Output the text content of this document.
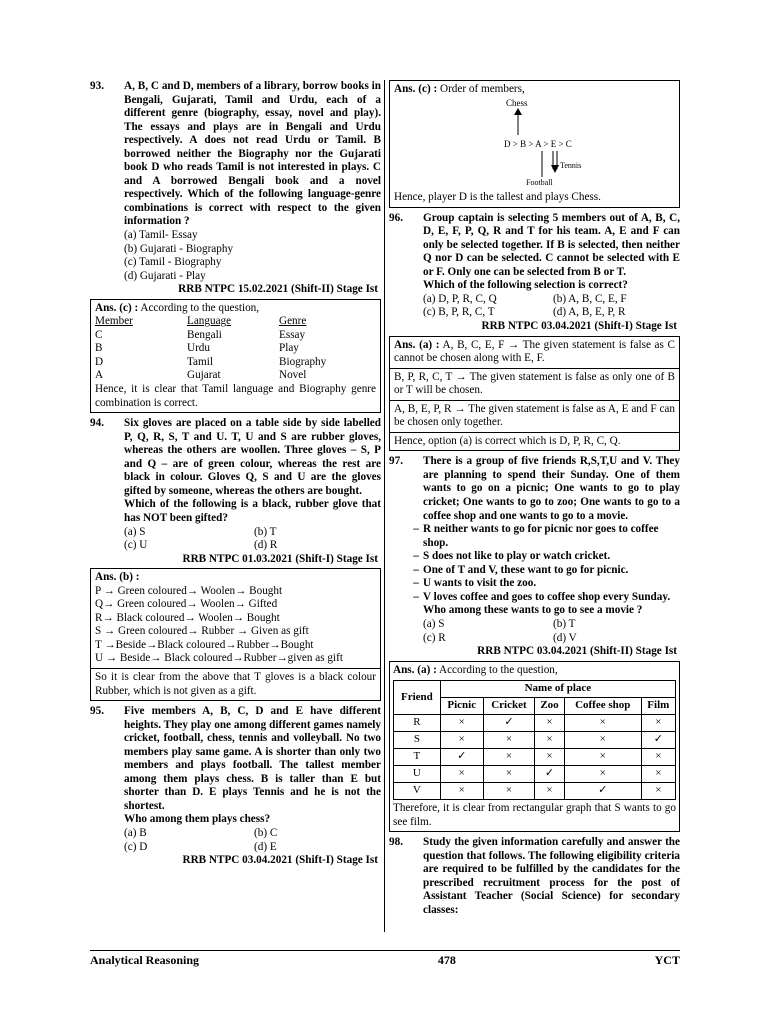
93.	A, B, C and D, members of a library, borrow books in Bengali, Gujarati, Tamil and Urdu, each of a different genre (biography, essay, novel and play). The essays and plays are in Bengali and Urdu respectively. A does not read Urdu or Tamil. B borrowed neither the Biography nor the Gujarati book D who reads Tamil is not interested in plays. C and A borrowed Bengali book and a novel respectively. Which of the following language-genre combinations is correct with respect to the given information ?
(a) Tamil- Essay
(b) Gujarati - Biography
(c) Tamil - Biography
(d) Gujarati - Play
RRB NTPC 15.02.2021 (Shift-II) Stage Ist
Ans. (c) : According to the question,
Member	Language	Genre
C	Bengali	Essay
B	Urdu	Play
D	Tamil	Biography
A	Gujarat	Novel
Hence, it is clear that Tamil language and Biography genre combination is correct.
94.	Six gloves are placed on a table side by side labelled P, Q, R, S, T and U. T, U and S are rubber gloves, whereas the others are woollen. Three gloves – S, P and Q – are of green colour, whereas the rest are black in colour. Gloves Q, S and U are the gloves gifted by someone, whereas the others are bought.
Which of the following is a black, rubber glove that has NOT been gifted?
(a) S	(b) T
(c) U	(d) R
RRB NTPC 01.03.2021 (Shift-I) Stage Ist
Ans. (b) :
P → Green coloured→ Woolen→ Bought
Q→ Green coloured→ Woolen→ Gifted
R→ Black coloured→ Woolen→ Bought
S → Green coloured→ Rubber → Given as gift
T →Beside→Black coloured→Rubber→Bought
U → Beside→ Black coloured→Rubber→given as gift
So it is clear from the above that T gloves is a black colour Rubber, which is not given as a gift.
95.	Five members A, B, C, D and E have different heights. They play one among different games namely cricket, football, chess, tennis and volleyball. No two members play same game. A is shorter than only two members and plays football. The tallest member among them plays chess. B is taller than E but shorter than D. E plays Tennis and he is not the shortest.
Who among them plays chess?
(a) B	(b) C
(c) D	(d) E
RRB NTPC 03.04.2021 (Shift-I) Stage Ist
Ans. (c) : Order of members,
Chess
D > B > A > E > C
Tennis
Football
Hence, player D is the tallest and plays Chess.
96.	Group captain is selecting 5 members out of A, B, C, D, E, F, P, Q, R and T for his team. A, E and F can only be selected together. If B is selected, then neither Q nor D can be selected. C cannot be selected with E or F. Only one can be selected from B or T.
Which of the following selection is correct?
(a) D, P, R, C, Q	(b) A, B, C, E, F
(c) B, P, R, C, T	(d) A, B, E, P, R
RRB NTPC 03.04.2021 (Shift-I) Stage Ist
Ans. (a) : A, B, C, E, F → The given statement is false as C cannot be chosen along with E, F.
B, P, R, C, T → The given statement is false as only one of B or T will be chosen.
A, B, E, P, R → The given statement is false as A, E and F can be chosen only together.
Hence, option (a) is correct which is D, P, R, C, Q.
97.	There is a group of five friends R,S,T,U and V. They are planning to spend their Sunday. One of them wants to go on a picnic; One wants to go to play cricket; One wants to go to zoo; One wants to go to a coffee shop and one wants to go to a movie.
– R neither wants to go for picnic nor goes to coffee shop.
– S does not like to play or watch cricket.
– One of T and V, these want to go for picnic.
– U wants to visit the zoo.
– V loves coffee and goes to coffee shop every Sunday.
Who among these wants to go to see a movie ?
(a) S	(b) T
(c) R	(d) V
RRB NTPC 03.04.2021 (Shift-II) Stage Ist
Ans. (a) : According to the question,
Friend	Name of place				
	Picnic	Cricket	Zoo	Coffee shop	Film
R	×	✓	×	×	×
S	×	×	×	×	✓
T	✓	×	×	×	×
U	×	×	✓	×	×
V	×	×	×	✓	×
Therefore, it is clear from rectangular graph that S wants to go see film.
98.	Study the given information carefully and answer the question that follows. The following eligibility criteria are required to be fulfilled by the candidates for the prescribed recruitment process for the post of Assistant Teacher (Social Science) for secondary classes:
Analytical Reasoning	478	YCT
